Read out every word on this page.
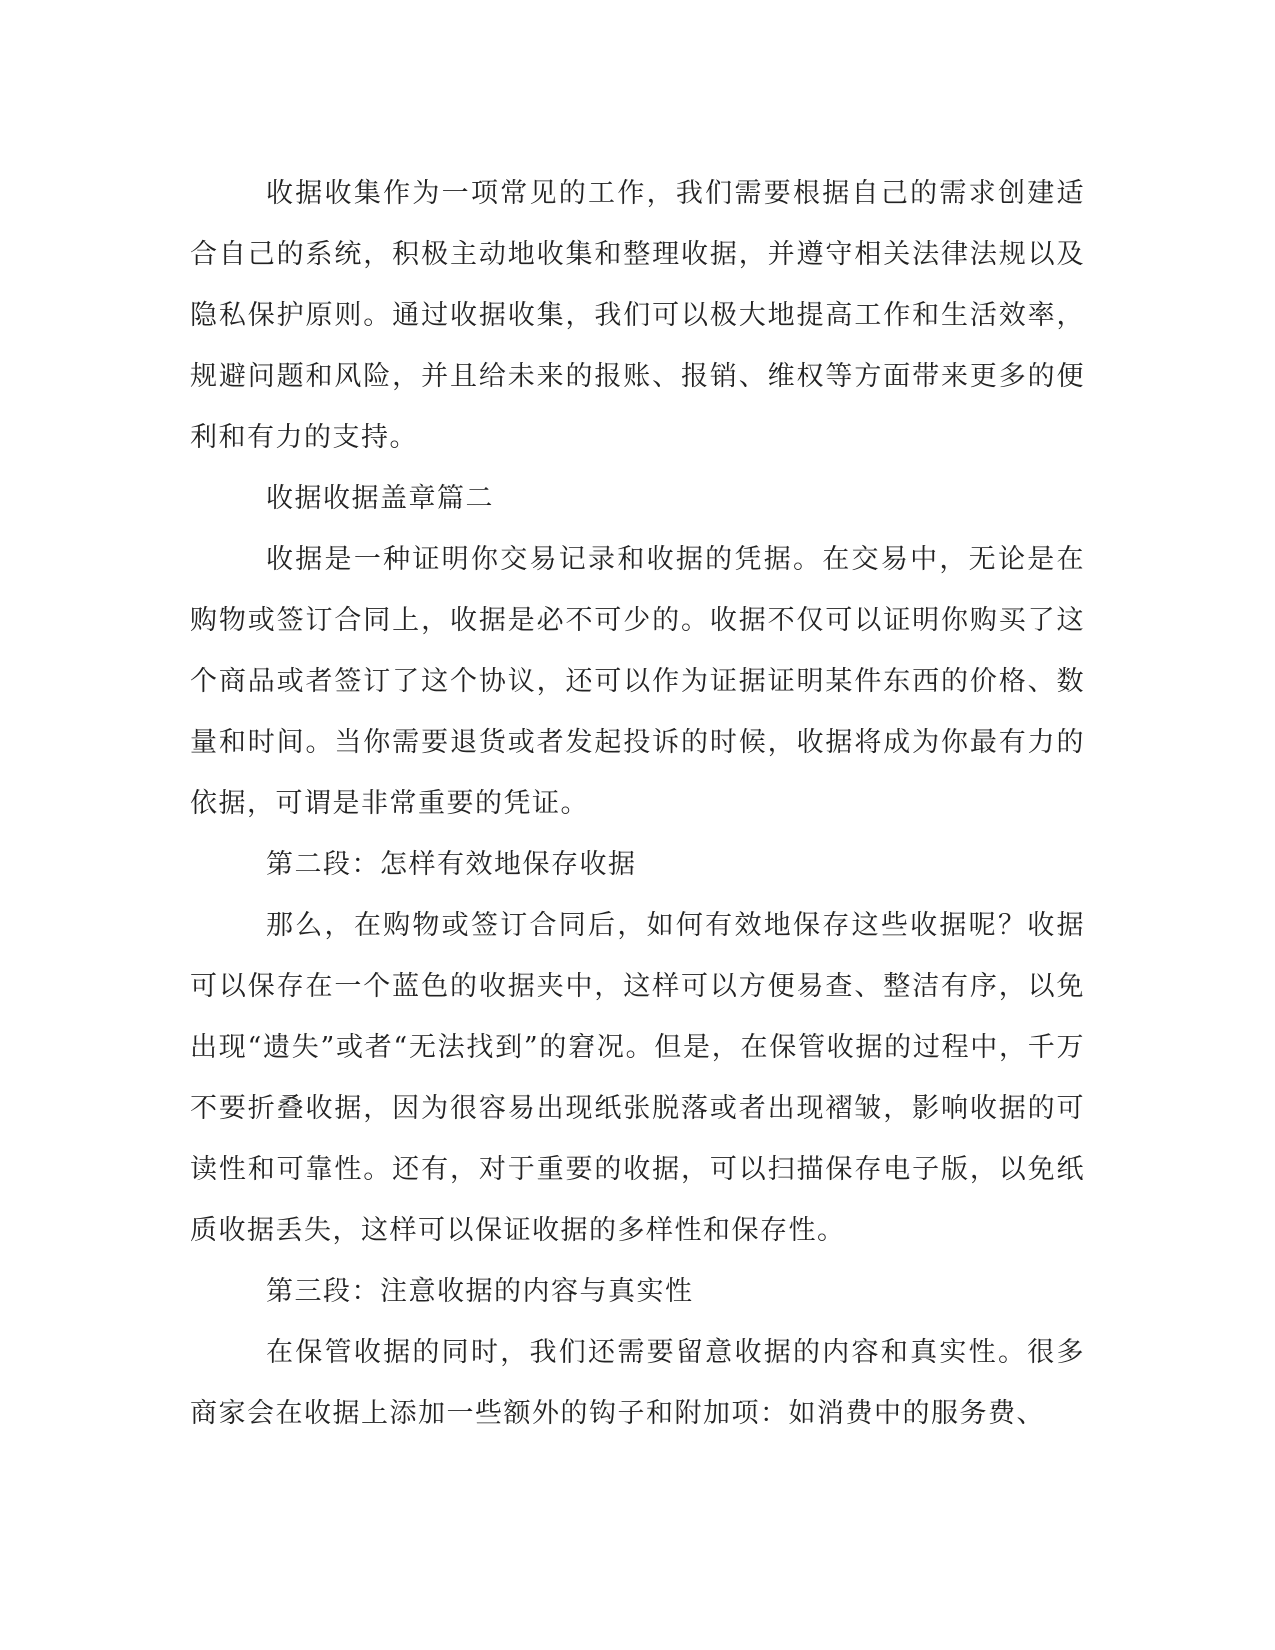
收据收集作为一项常见的工作，我们需要根据自己的需求创建适合自己的系统，积极主动地收集和整理收据，并遵守相关法律法规以及隐私保护原则。通过收据收集，我们可以极大地提高工作和生活效率，规避问题和风险，并且给未来的报账、报销、维权等方面带来更多的便利和有力的支持。

收据收据盖章篇二

收据是一种证明你交易记录和收据的凭据。在交易中，无论是在购物或签订合同上，收据是必不可少的。收据不仅可以证明你购买了这个商品或者签订了这个协议，还可以作为证据证明某件东西的价格、数量和时间。当你需要退货或者发起投诉的时候，收据将成为你最有力的依据，可谓是非常重要的凭证。

第二段：怎样有效地保存收据

那么，在购物或签订合同后，如何有效地保存这些收据呢？收据可以保存在一个蓝色的收据夹中，这样可以方便易查、整洁有序，以免出现“遗失”或者“无法找到”的窘况。但是，在保管收据的过程中，千万不要折叠收据，因为很容易出现纸张脱落或者出现褶皱，影响收据的可读性和可靠性。还有，对于重要的收据，可以扫描保存电子版，以免纸质收据丢失，这样可以保证收据的多样性和保存性。

第三段：注意收据的内容与真实性

在保管收据的同时，我们还需要留意收据的内容和真实性。很多商家会在收据上添加一些额外的钩子和附加项：如消费中的服务费、
